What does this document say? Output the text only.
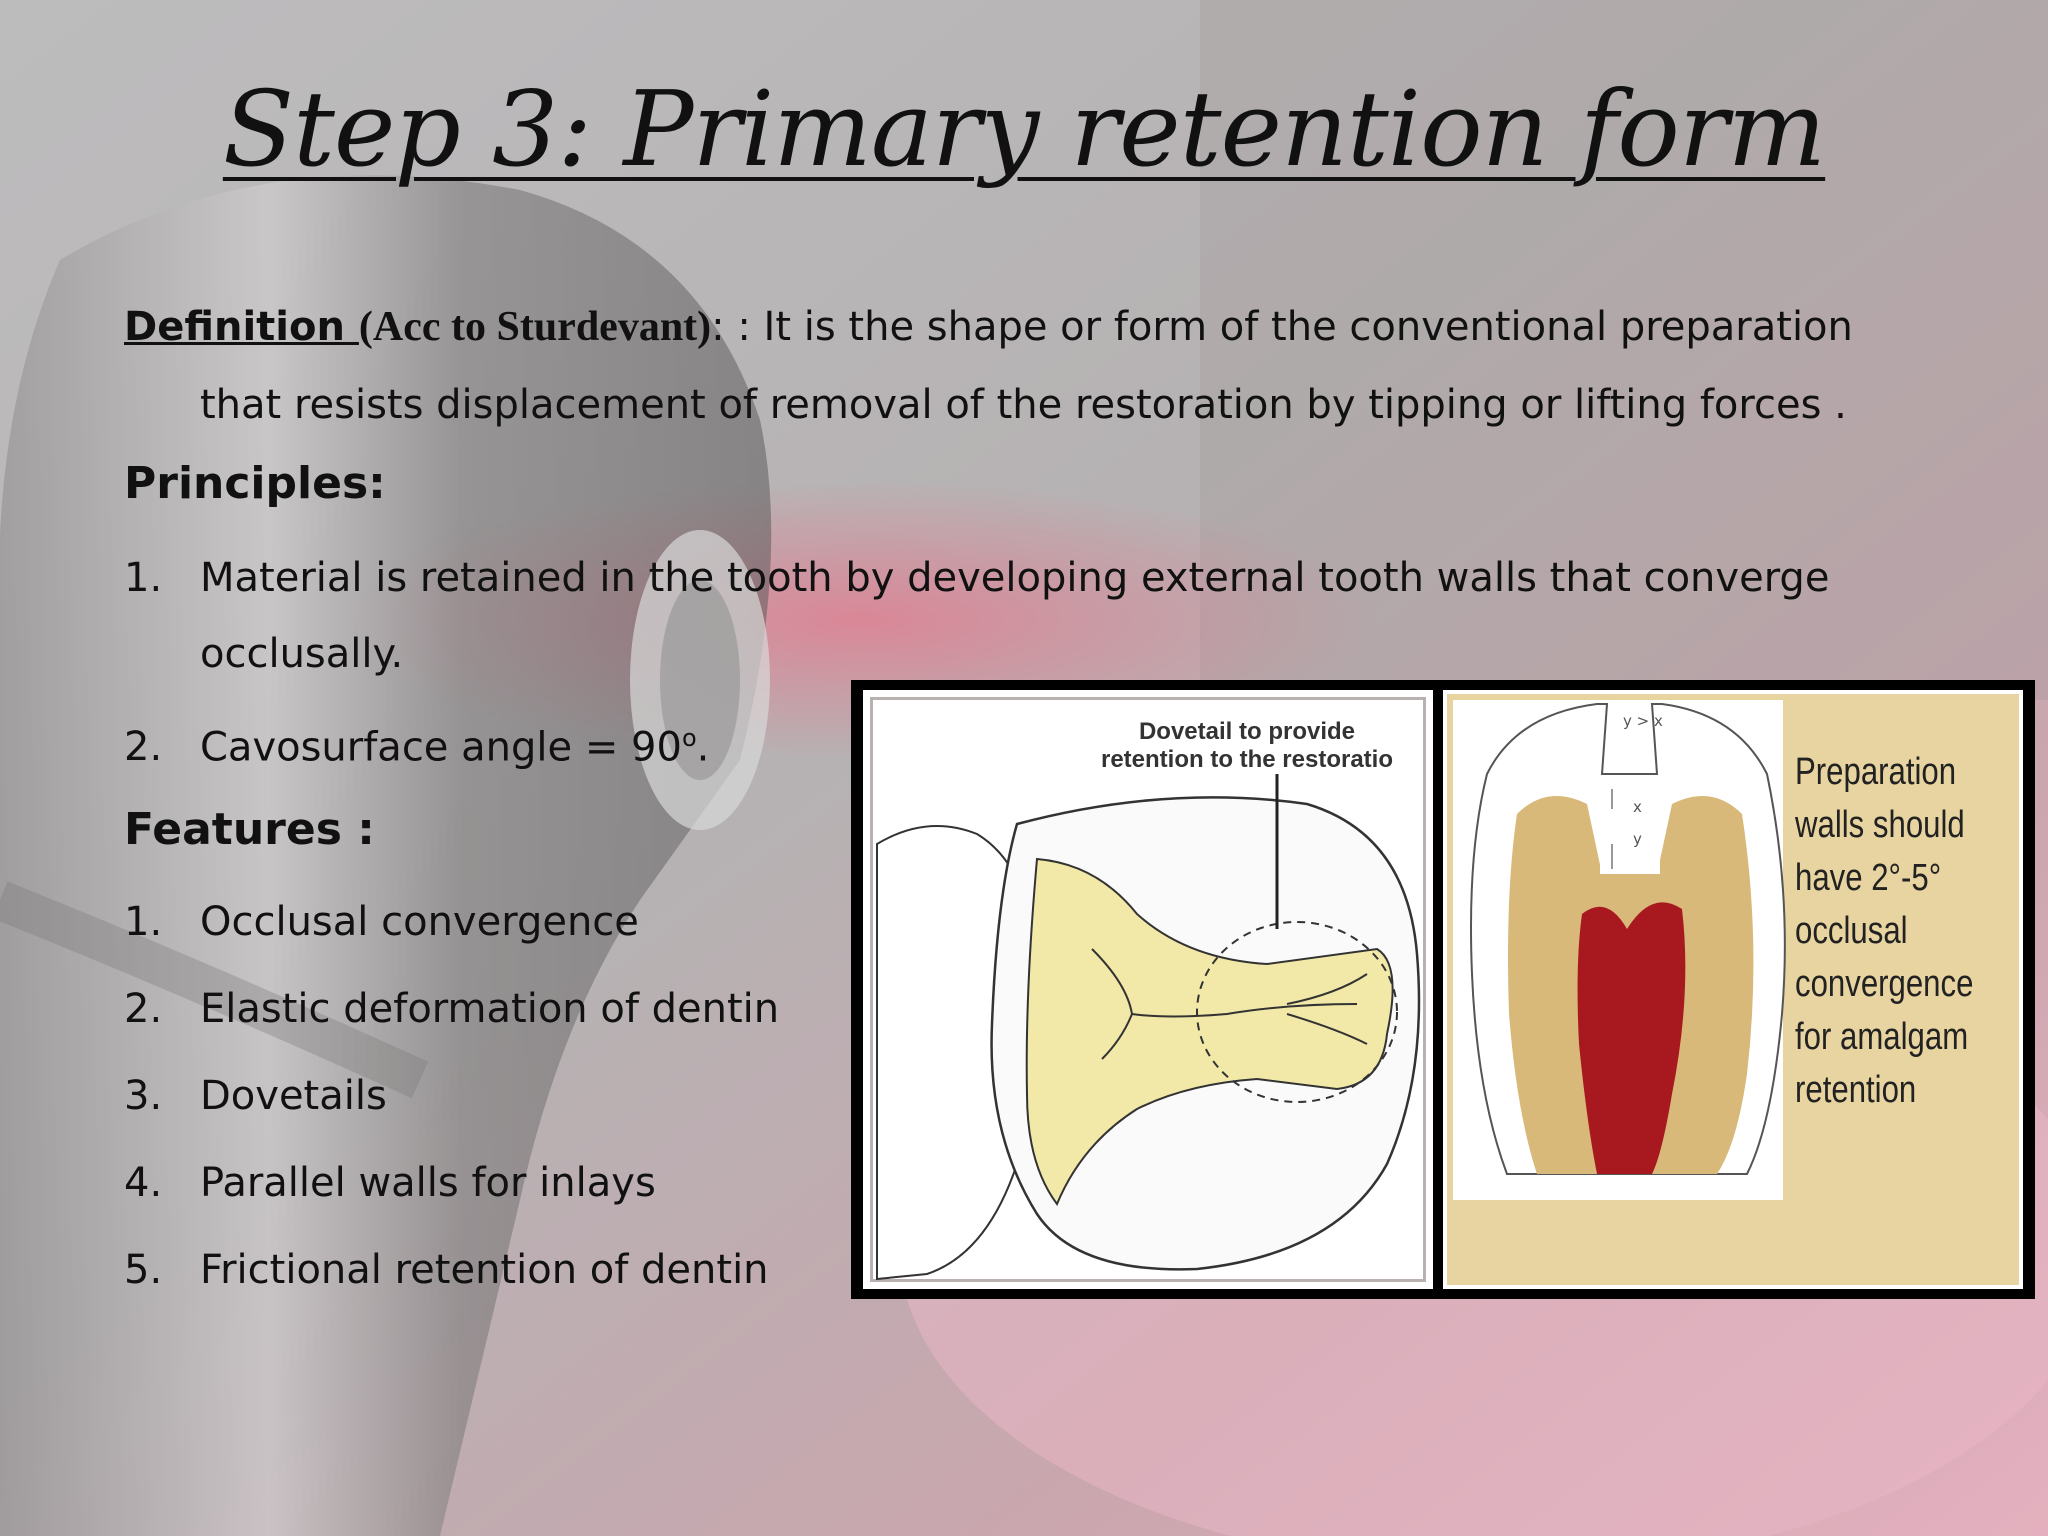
Step 3: Primary retention form
Definition (Acc to Sturdevant): : It is the shape or form of the conventional preparation
that resists displacement of removal of the restoration by tipping or lifting forces .
Principles:
1. Material is retained in the tooth by developing external tooth walls that converge
occlusally.
2. Cavosurface angle = $90^o$.
Features :
1. Occlusal convergence
2. Elastic deformation of dentin
3. Dovetails
4. Parallel walls for inlays
5. Frictional retention of dentin
Dovetail to provide
retention to the restoratio
y > x
x
y
Preparation
walls should
have 2°-5°
occlusal
convergence
for amalgam
retention
